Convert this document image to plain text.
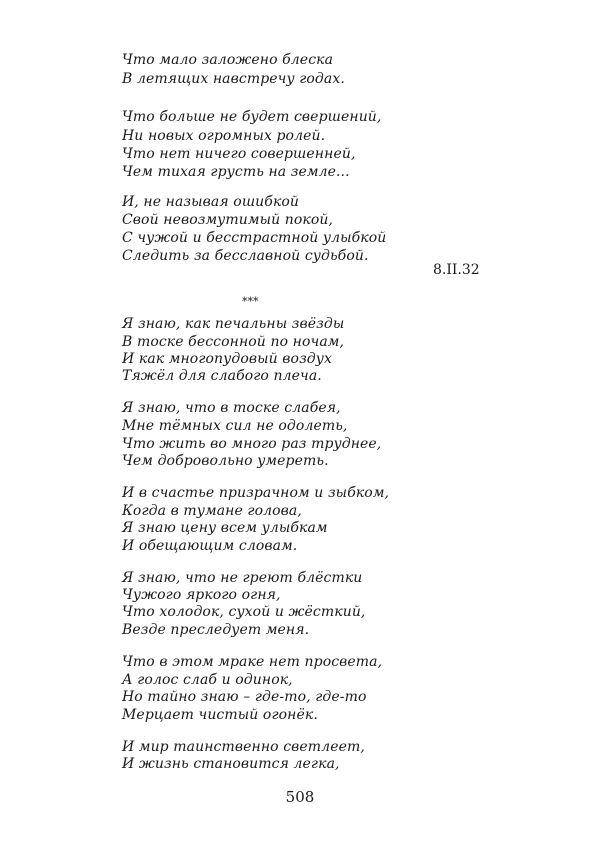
Что мало заложено блеска
В летящих навстречу годах.
Что больше не будет свершений,
Ни новых огромных ролей.
Что нет ничего совершенней,
Чем тихая грусть на земле...
И, не называя ошибкой
Свой невозмутимый покой,
С чужой и бесстрастной улыбкой
Следить за бесславной судьбой.
8.II.32
***
Я знаю, как печальны звёзды
В тоске бессонной по ночам,
И как многопудовый воздух
Тяжёл для слабого плеча.
Я знаю, что в тоске слабея,
Мне тёмных сил не одолеть,
Что жить во много раз труднее,
Чем добровольно умереть.
И в счастье призрачном и зыбком,
Когда в тумане голова,
Я знаю цену всем улыбкам
И обещающим словам.
Я знаю, что не греют блёстки
Чужого яркого огня,
Что холодок, сухой и жёсткий,
Везде преследует меня.
Что в этом мраке нет просвета,
А голос слаб и одинок,
Но тайно знаю – где-то, где-то
Мерцает чистый огонёк.
И мир таинственно светлеет,
И жизнь становится легка,
508
